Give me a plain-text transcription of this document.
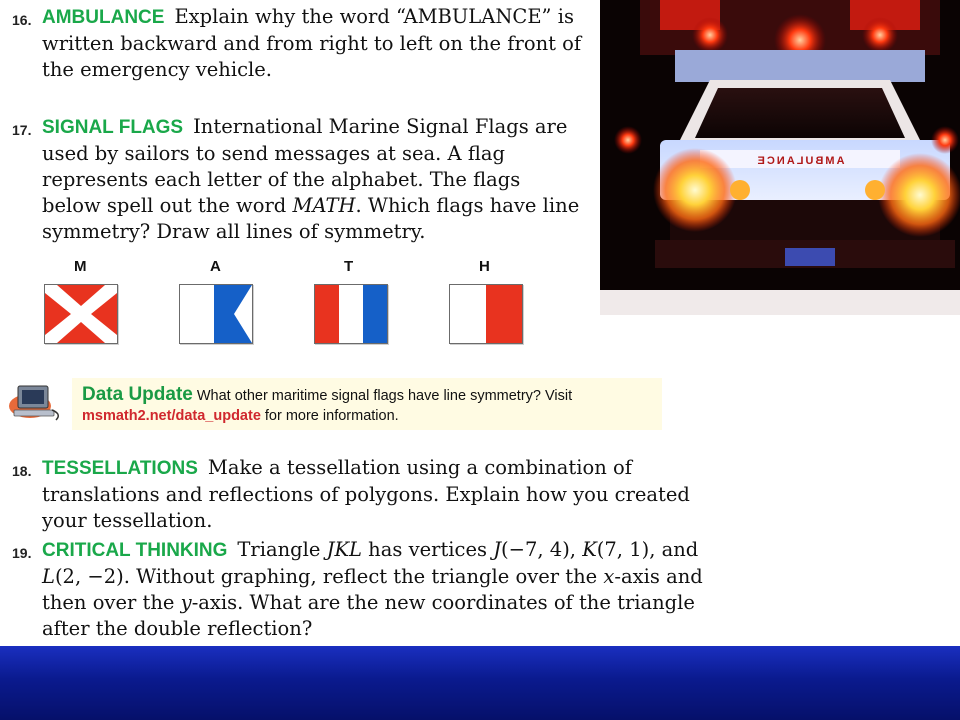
AMBULANCE
16. AMBULANCE Explain why the word “AMBULANCE” is written backward and from right to left on the front of the emergency vehicle.
17. SIGNAL FLAGS International Marine Signal Flags are used by sailors to send messages at sea. A flag represents each letter of the alphabet. The flags below spell out the word MATH. Which flags have line symmetry? Draw all lines of symmetry.
M	A	T	H
Data Update What other maritime signal flags have line symmetry? Visit
msmath2.net/data_update for more information.
18. TESSELLATIONS Make a tessellation using a combination of translations and reflections of polygons. Explain how you created your tessellation.
19. CRITICAL THINKING Triangle JKL has vertices J(−7, 4), K(7, 1), and L(2, −2). Without graphing, reflect the triangle over the x-axis and then over the y-axis. What are the new coordinates of the triangle after the double reflection?
